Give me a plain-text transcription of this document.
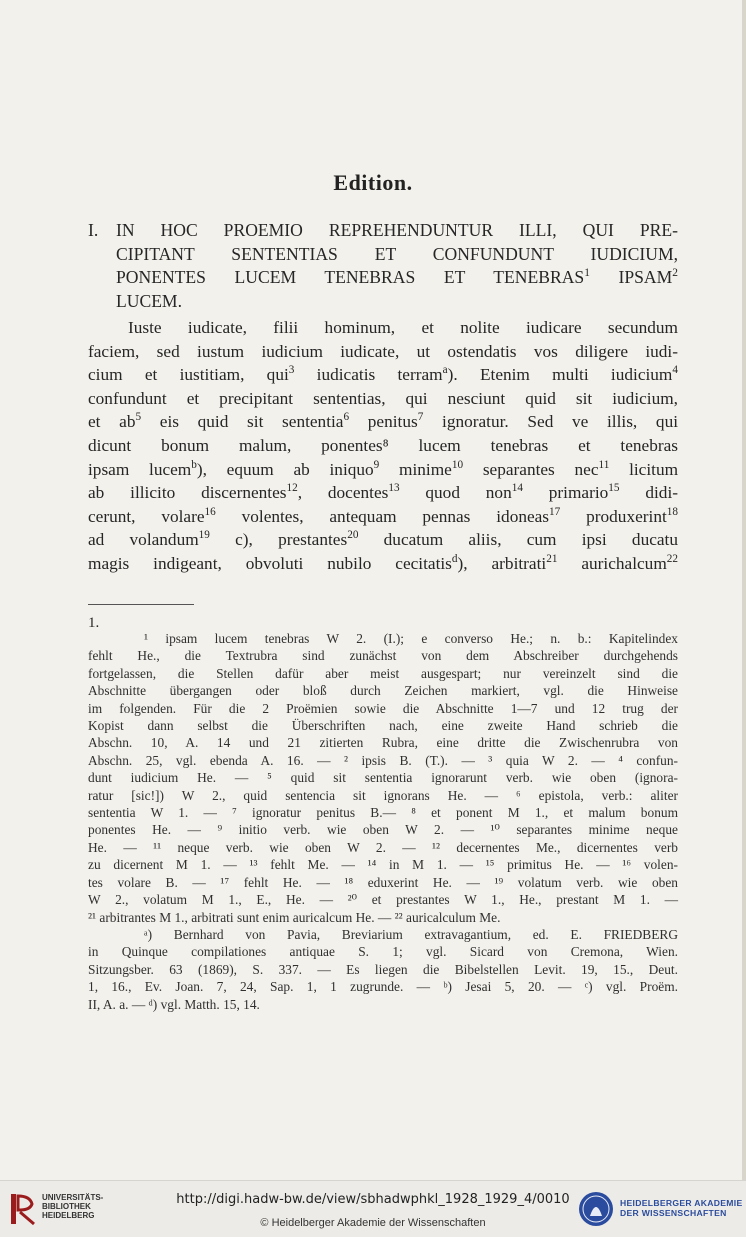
Edition.
I. IN HOC PROEMIO REPREHENDUNTUR ILLI, QUI PRE-
CIPITANT SENTENTIAS ET CONFUNDUNT IUDICIUM,
PONENTES LUCEM TENEBRAS ET TENEBRAS$^1$ IPSAM$^2$
LUCEM.
Iuste iudicate, filii hominum, et nolite iudicare secundum
faciem, sed iustum iudicium iudicate, ut ostendatis vos diligere iudi-
cium et iustitiam, qui$^3$ iudicatis terram$^a$). Etenim multi iudicium$^4$
confundunt et precipitant sententias, qui nesciunt quid sit iudicium,
et $ab^5$ eis quid sit sententia$^6$ penitus$^7$ ignoratur. Sed ve illis, qui
dicunt bonum malum, ponentes⁸ lucem tenebras et tenebras
ipsam lucem$^b$), equum ab iniquo$^9$ minime$^{10}$ separantes nec$^{11}$ licitum
ab illicito discernentes$^{12}$, docentes$^{13}$ quod non$^{14}$ primario$^{15}$ didi-
cerunt, volare$^{16}$ volentes, antequam pennas idoneas$^{17}$ produxerint$^{18}$
ad volandum$^{19}$ c), prestantes$^{20}$ ducatum aliis, cum ipsi ducatu
magis indigeant, obvoluti nubilo cecitatis$^d$), arbitrati$^{21}$ aurichalcum$^{22}$
1.
¹ ipsam lucem tenebras W 2. (I.); e converso He.; n. b.: Kapitelindex
fehlt He., die Textrubra sind zunächst von dem Abschreiber durchgehends
fortgelassen, die Stellen dafür aber meist ausgespart; nur vereinzelt sind die
Abschnitte übergangen oder bloß durch Zeichen markiert, vgl. die Hinweise
im folgenden. Für die 2 Proëmien sowie die Abschnitte 1—7 und 12 trug der
Kopist dann selbst die Überschriften nach, eine zweite Hand schrieb die
Abschn. 10, A. 14 und 21 zitierten Rubra, eine dritte die Zwischenrubra von
Abschn. 25, vgl. ebenda A. 16. — ² ipsis B. (T.). — ³ quia W 2. — ⁴ confun-
dunt iudicium He. — ⁵ quid sit sententia ignorarunt verb. wie oben (ignora-
ratur [sic!]) W 2., quid sentencia sit ignorans He. — ⁶ epistola, verb.: aliter
sententia W 1. — ⁷ ignoratur penitus B.— ⁸ et ponent M 1., et malum bonum
ponentes He. — ⁹ initio verb. wie oben W 2. — ¹⁰ separantes minime neque
He. — ¹¹ neque verb. wie oben W 2. — ¹² decernentes Me., dicernentes verb
zu dicernent M 1. — ¹³ fehlt Me. — ¹⁴ in M 1. — ¹⁵ primitus He. — ¹⁶ volen-
tes volare B. — ¹⁷ fehlt He. — ¹⁸ eduxerint He. — ¹⁹ volatum verb. wie oben
W 2., volatum M 1., E., He. — ²⁰ et prestantes W 1., He., prestant M 1. —
²¹ arbitrantes M 1., arbitrati sunt enim auricalcum He. — ²² auricalculum Me.
ᵃ) Bernhard von Pavia, Breviarium extravagantium, ed. E. FRIEDBERG
in Quinque compilationes antiquae S. 1; vgl. Sicard von Cremona, Wien.
Sitzungsber. 63 (1869), S. 337. — Es liegen die Bibelstellen Levit. 19, 15., Deut.
1, 16., Ev. Joan. 7, 24, Sap. 1, 1 zugrunde. — ᵇ) Jesai 5, 20. — ᶜ) vgl. Proëm.
II, A. a. — ᵈ) vgl. Matth. 15, 14.
UNIVERSITÄTS-
BIBLIOTHEK
HEIDELBERG
http://digi.hadw-bw.de/view/sbhadwphkl_1928_1929_4/0010
© Heidelberger Akademie der Wissenschaften
HEIDELBERGER AKADEMIE
DER WISSENSCHAFTEN
